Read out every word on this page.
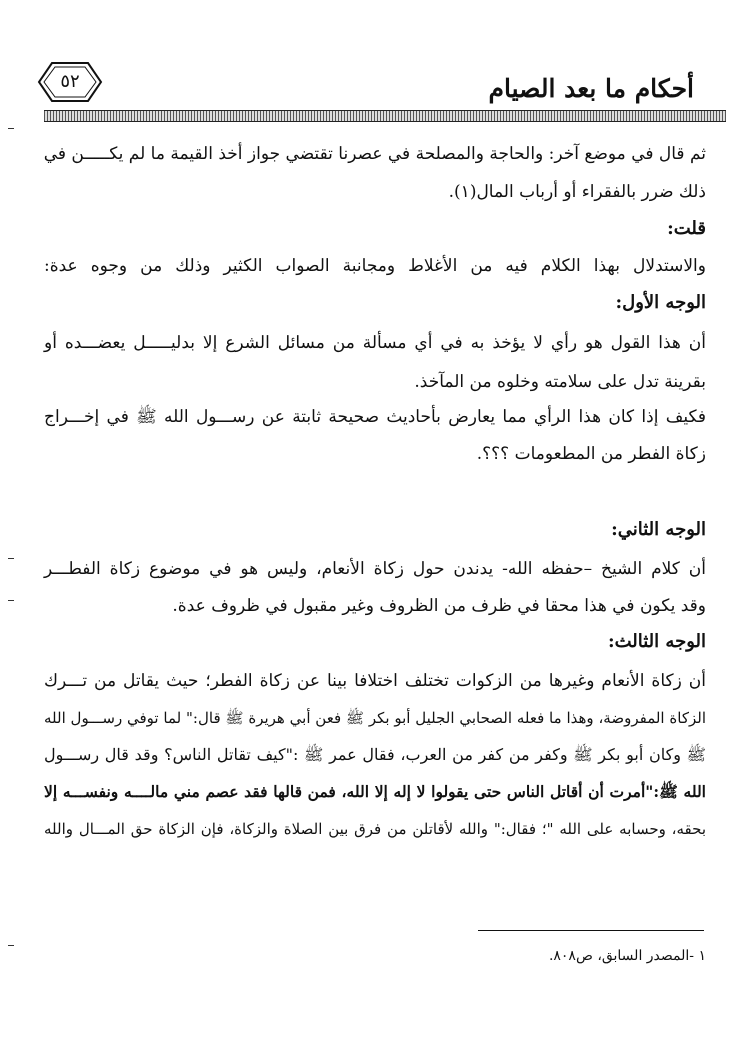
٥٢	أحكام ما بعد الصيام
ثم قال في موضع آخر: والحاجة والمصلحة في عصرنا تقتضي جواز أخذ القيمة ما لم يكـــــن في
ذلك ضرر بالفقراء أو أرباب المال(١).
قلت:
والاستدلال بهذا الكلام فيه من الأغلاط ومجانبة الصواب الكثير وذلك من وجوه عدة:
الوجه الأول:
أن هذا القول هو رأي لا يؤخذ به في أي مسألة من مسائل الشرع إلا بدليـــــل يعضـــده أو
بقرينة تدل على سلامته وخلوه من المآخذ.
فكيف إذا كان هذا الرأي مما يعارض بأحاديث صحيحة ثابتة عن رســـول الله ﷺ في إخـــراج
زكاة الفطر من المطعومات ؟؟؟.
الوجه الثاني:
أن كلام الشيخ –حفظه الله- يدندن حول زكاة الأنعام، وليس هو في موضوع زكاة الفطـــر
وقد يكون في هذا محقا في ظرف من الظروف وغير مقبول في ظروف عدة.
الوجه الثالث:
أن زكاة الأنعام وغيرها من الزكوات تختلف اختلافا بينا عن زكاة الفطر؛ حيث يقاتل من تـــرك
الزكاة المفروضة، وهذا ما فعله الصحابي الجليل أبو بكر ﷺ فعن أبي هريرة ﷺ قال:" لما توفي رســـول الله
ﷺ وكان أبو بكر ﷺ وكفر من كفر من العرب، فقال عمر ﷺ :"كيف تقاتل الناس؟ وقد قال رســـول
الله ﷺ:"أمرت أن أقاتل الناس حتى يقولوا لا إله إلا الله، فمن قالها فقد عصم مني مالــــه ونفســـه إلا
بحقه، وحسابه على الله "؛ فقال:" والله لأقاتلن من فرق بين الصلاة والزكاة، فإن الزكاة حق المـــال والله
١ -المصدر السابق، ص٨٠٨.
